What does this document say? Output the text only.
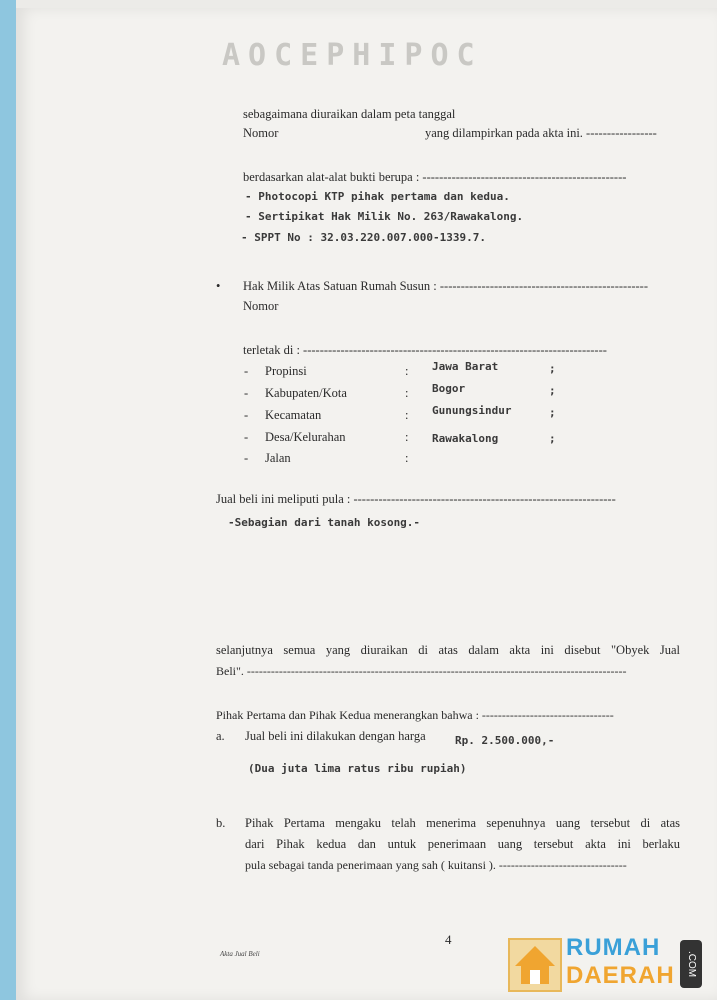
AOCEPHIPOC
sebagaimana diuraikan dalam peta tanggal
Nomor	yang dilampirkan pada akta ini. -----------------
berdasarkan alat-alat bukti berupa : -------------------------------------------------
- Photocopi KTP pihak pertama dan kedua.
- Sertipikat Hak Milik No. 263/Rawakalong.
- SPPT No : 32.03.220.007.000-1339.7.
• Hak Milik Atas Satuan Rumah Susun : --------------------------------------------------
Nomor
terletak di : -------------------------------------------------------------------------
- Propinsi	: Jawa Barat	;
- Kabupaten/Kota	: Bogor	;
- Kecamatan	: Gunungsindur	;
- Desa/Kelurahan	: Rawakalong	;
- Jalan	:
Jual beli ini meliputi pula : ---------------------------------------------------------------
-Sebagian dari tanah kosong.-
selanjutnya semua yang diuraikan di atas dalam akta ini disebut "Obyek Jual
Beli". -----------------------------------------------------------------------------------------------
Pihak Pertama dan Pihak Kedua menerangkan bahwa : ---------------------------------
a. Jual beli ini dilakukan dengan harga	Rp. 2.500.000,-
(Dua juta lima ratus ribu rupiah)
b. Pihak Pertama mengaku telah menerima sepenuhnya uang tersebut di atas
dari Pihak kedua dan untuk penerimaan uang tersebut akta ini berlaku
pula sebagai tanda penerimaan yang sah ( kuitansi ). --------------------------------
4
Akta Jual Beli	RUMAH
DAERAH	.COM
